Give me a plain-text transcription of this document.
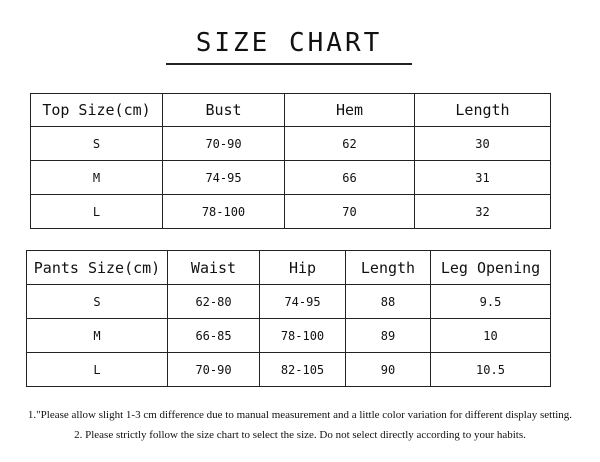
SIZE CHART
Top Size(cm)	Bust	Hem	Length
S	70-90	62	30
M	74-95	66	31
L	78-100	70	32
Pants Size(cm)	Waist	Hip	Length	Leg Opening
S	62-80	74-95	88	9.5
M	66-85	78-100	89	10
L	70-90	82-105	90	10.5
1."Please allow slight 1-3 cm difference due to manual measurement and a little color variation for different display setting.
2. Please strictly follow the size chart to select the size. Do not select directly according to your habits.
